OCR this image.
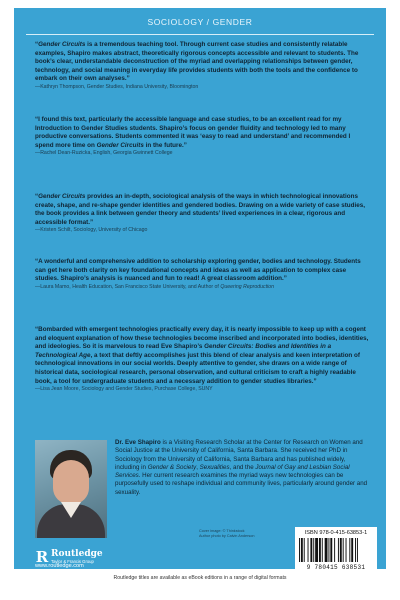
SOCIOLOGY / GENDER
“Gender Circuits is a tremendous teaching tool. Through current case studies and consistently relatable examples, Shapiro makes abstract, theoretically rigorous concepts accessible and relevant to students. The book’s clear, understandable deconstruction of the myriad and overlapping relationships between gender, technology, and social meaning in everyday life provides students with both the tools and the confidence to embark on their own analyses.”
—Kathryn Thompson, Gender Studies, Indiana University, Bloomington
“I found this text, particularly the accessible language and case studies, to be an excellent read for my Introduction to Gender Studies students. Shapiro’s focus on gender fluidity and technology led to many productive conversations. Students commented it was ‘easy to read and understand’ and recommended I spend more time on Gender Circuits in the future.”
—Rachel Dean-Ruzicka, English, Georgia Gwinnett College
“Gender Circuits provides an in-depth, sociological analysis of the ways in which technological innovations create, shape, and re-shape gender identities and gendered bodies. Drawing on a wide variety of case studies, the book provides a link between gender theory and students’ lived experiences in a clear, rigorous and accessible format.”
—Kristen Schilt, Sociology, University of Chicago
“A wonderful and comprehensive addition to scholarship exploring gender, bodies and technology. Students can get here both clarity on key foundational concepts and ideas as well as application to complex case studies. Shapiro’s analysis is nuanced and fun to read! A great classroom addition.”
—Laura Mamo, Health Education, San Francisco State University, and Author of Queering Reproduction
“Bombarded with emergent technologies practically every day, it is nearly impossible to keep up with a cogent and eloquent explanation of how these technologies become inscribed and incorporated into bodies, identities, and ideologies. So it is marvelous to read Eve Shapiro’s Gender Circuits: Bodies and Identities in a Technological Age, a text that deftly accomplishes just this blend of clear analysis and keen interpretation of technological innovations in our social worlds. Deeply attentive to gender, she draws on a wide range of historical data, sociological research, personal observation, and cultural criticism to craft a highly readable book, a tool for undergraduate students and a necessary addition to gender studies libraries.”
—Lisa Jean Moore, Sociology and Gender Studies, Purchase College, SUNY
Dr. Eve Shapiro is a Visiting Research Scholar at the Center for Research on Women and Social Justice at the University of California, Santa Barbara. She received her PhD in Sociology from the University of California, Santa Barbara and has published widely, including in Gender & Society, Sexualities, and the Journal of Gay and Lesbian Social Services. Her current research examines the myriad ways new technologies can be purposefully used to reshape individual and community lives, particularly around gender and sexuality.
Cover image: © Thinkstock
Author photo by Calvin Anderson
R Routledge
Taylor & Francis Group
www.routledge.com
ISBN 978-0-415-63853-1
9 780415 638531
Routledge titles are available as eBook editions in a range of digital formats
